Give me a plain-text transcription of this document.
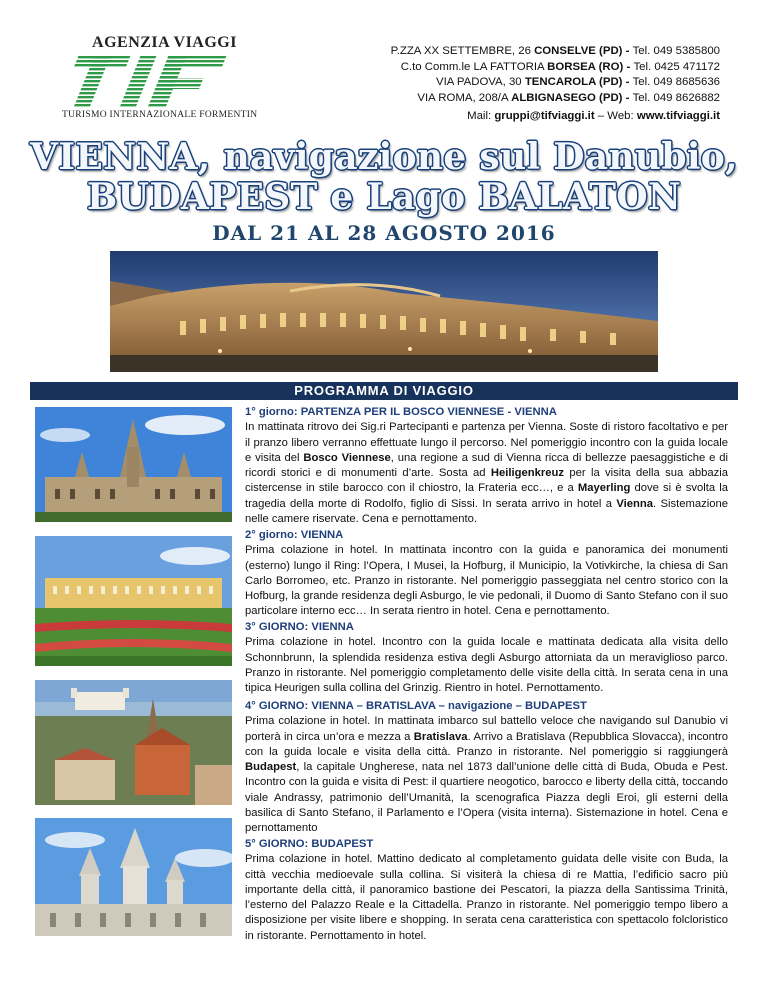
AGENZIA VIAGGI
TURISMO INTERNAZIONALE FORMENTIN
P.ZZA XX SETTEMBRE, 26 CONSELVE (PD) - Tel. 049 5385800
C.to Comm.le LA FATTORIA BORSEA (RO) - Tel. 0425 471172
VIA PADOVA, 30 TENCAROLA (PD) - Tel. 049 8685636
VIA ROMA, 208/A ALBIGNASEGO (PD) - Tel. 049 8626882
Mail: gruppi@tifviaggi.it – Web: www.tifviaggi.it
VIENNA, navigazione sul Danubio,
BUDAPEST e Lago BALATON
DAL 21 AL 28 AGOSTO 2016
PROGRAMMA DI VIAGGIO

1° giorno: PARTENZA PER IL BOSCO VIENNESE - VIENNA

In mattinata ritrovo dei Sig.ri Partecipanti e partenza per Vienna. Soste di ristoro facoltativo e per il pranzo libero verranno effettuate lungo il percorso. Nel pomeriggio incontro con la guida locale e visita del Bosco Viennese, una regione a sud di Vienna ricca di bellezze paesaggistiche e di ricordi storici e di monumenti d’arte. Sosta ad Heiligenkreuz per la visita della sua abbazia cistercense in stile barocco con il chiostro, la Frateria ecc…, e a Mayerling dove si è svolta la tragedia della morte di Rodolfo, figlio di Sissi. In serata arrivo in hotel a Vienna. Sistemazione nelle camere riservate. Cena e pernottamento.

2° giorno: VIENNA

Prima colazione in hotel. In mattinata incontro con la guida e panoramica dei monumenti (esterno) lungo il Ring: l’Opera, I Musei, la Hofburg, il Municipio, la Votivkirche, la chiesa di San Carlo Borromeo, etc. Pranzo in ristorante. Nel pomeriggio passeggiata nel centro storico con la Hofburg, la grande residenza degli Asburgo, le vie pedonali, il Duomo di Santo Stefano con il suo particolare interno ecc… In serata rientro in hotel. Cena e pernottamento.

3° GIORNO: VIENNA

Prima colazione in hotel. Incontro con la guida locale e mattinata dedicata alla visita dello Schonnbrunn, la splendida residenza estiva degli Asburgo attorniata da un meraviglioso parco. Pranzo in ristorante. Nel pomeriggio completamento delle visite della città. In serata cena in una tipica Heurigen sulla collina del Grinzig. Rientro in hotel. Pernottamento.

4° GIORNO: VIENNA – BRATISLAVA – navigazione – BUDAPEST

Prima colazione in hotel. In mattinata imbarco sul battello veloce che navigando sul Danubio vi porterà in circa un’ora e mezza a Bratislava. Arrivo a Bratislava (Repubblica Slovacca), incontro con la guida locale e visita della città. Pranzo in ristorante. Nel pomeriggio si raggiungerà Budapest, la capitale Ungherese, nata nel 1873 dall’unione delle città di Buda, Obuda e Pest. Incontro con la guida e visita di Pest: il quartiere neogotico, barocco e liberty della città, toccando viale Andrassy, patrimonio dell’Umanità, la scenografica Piazza degli Eroi, gli esterni della basilica di Santo Stefano, il Parlamento e l’Opera (visita interna). Sistemazione in hotel. Cena e pernottamento

5° GIORNO: BUDAPEST

Prima colazione in hotel. Mattino dedicato al completamento guidata delle visite con Buda, la città vecchia medioevale sulla collina. Si visiterà la chiesa di re Mattia, l’edificio sacro più importante della città, il panoramico bastione dei Pescatori, la piazza della Santissima Trinità, l’esterno del Palazzo Reale e la Cittadella. Pranzo in ristorante. Nel pomeriggio tempo libero a disposizione per visite libere e shopping. In serata cena caratteristica con spettacolo folcloristico in ristorante. Pernottamento in hotel.
